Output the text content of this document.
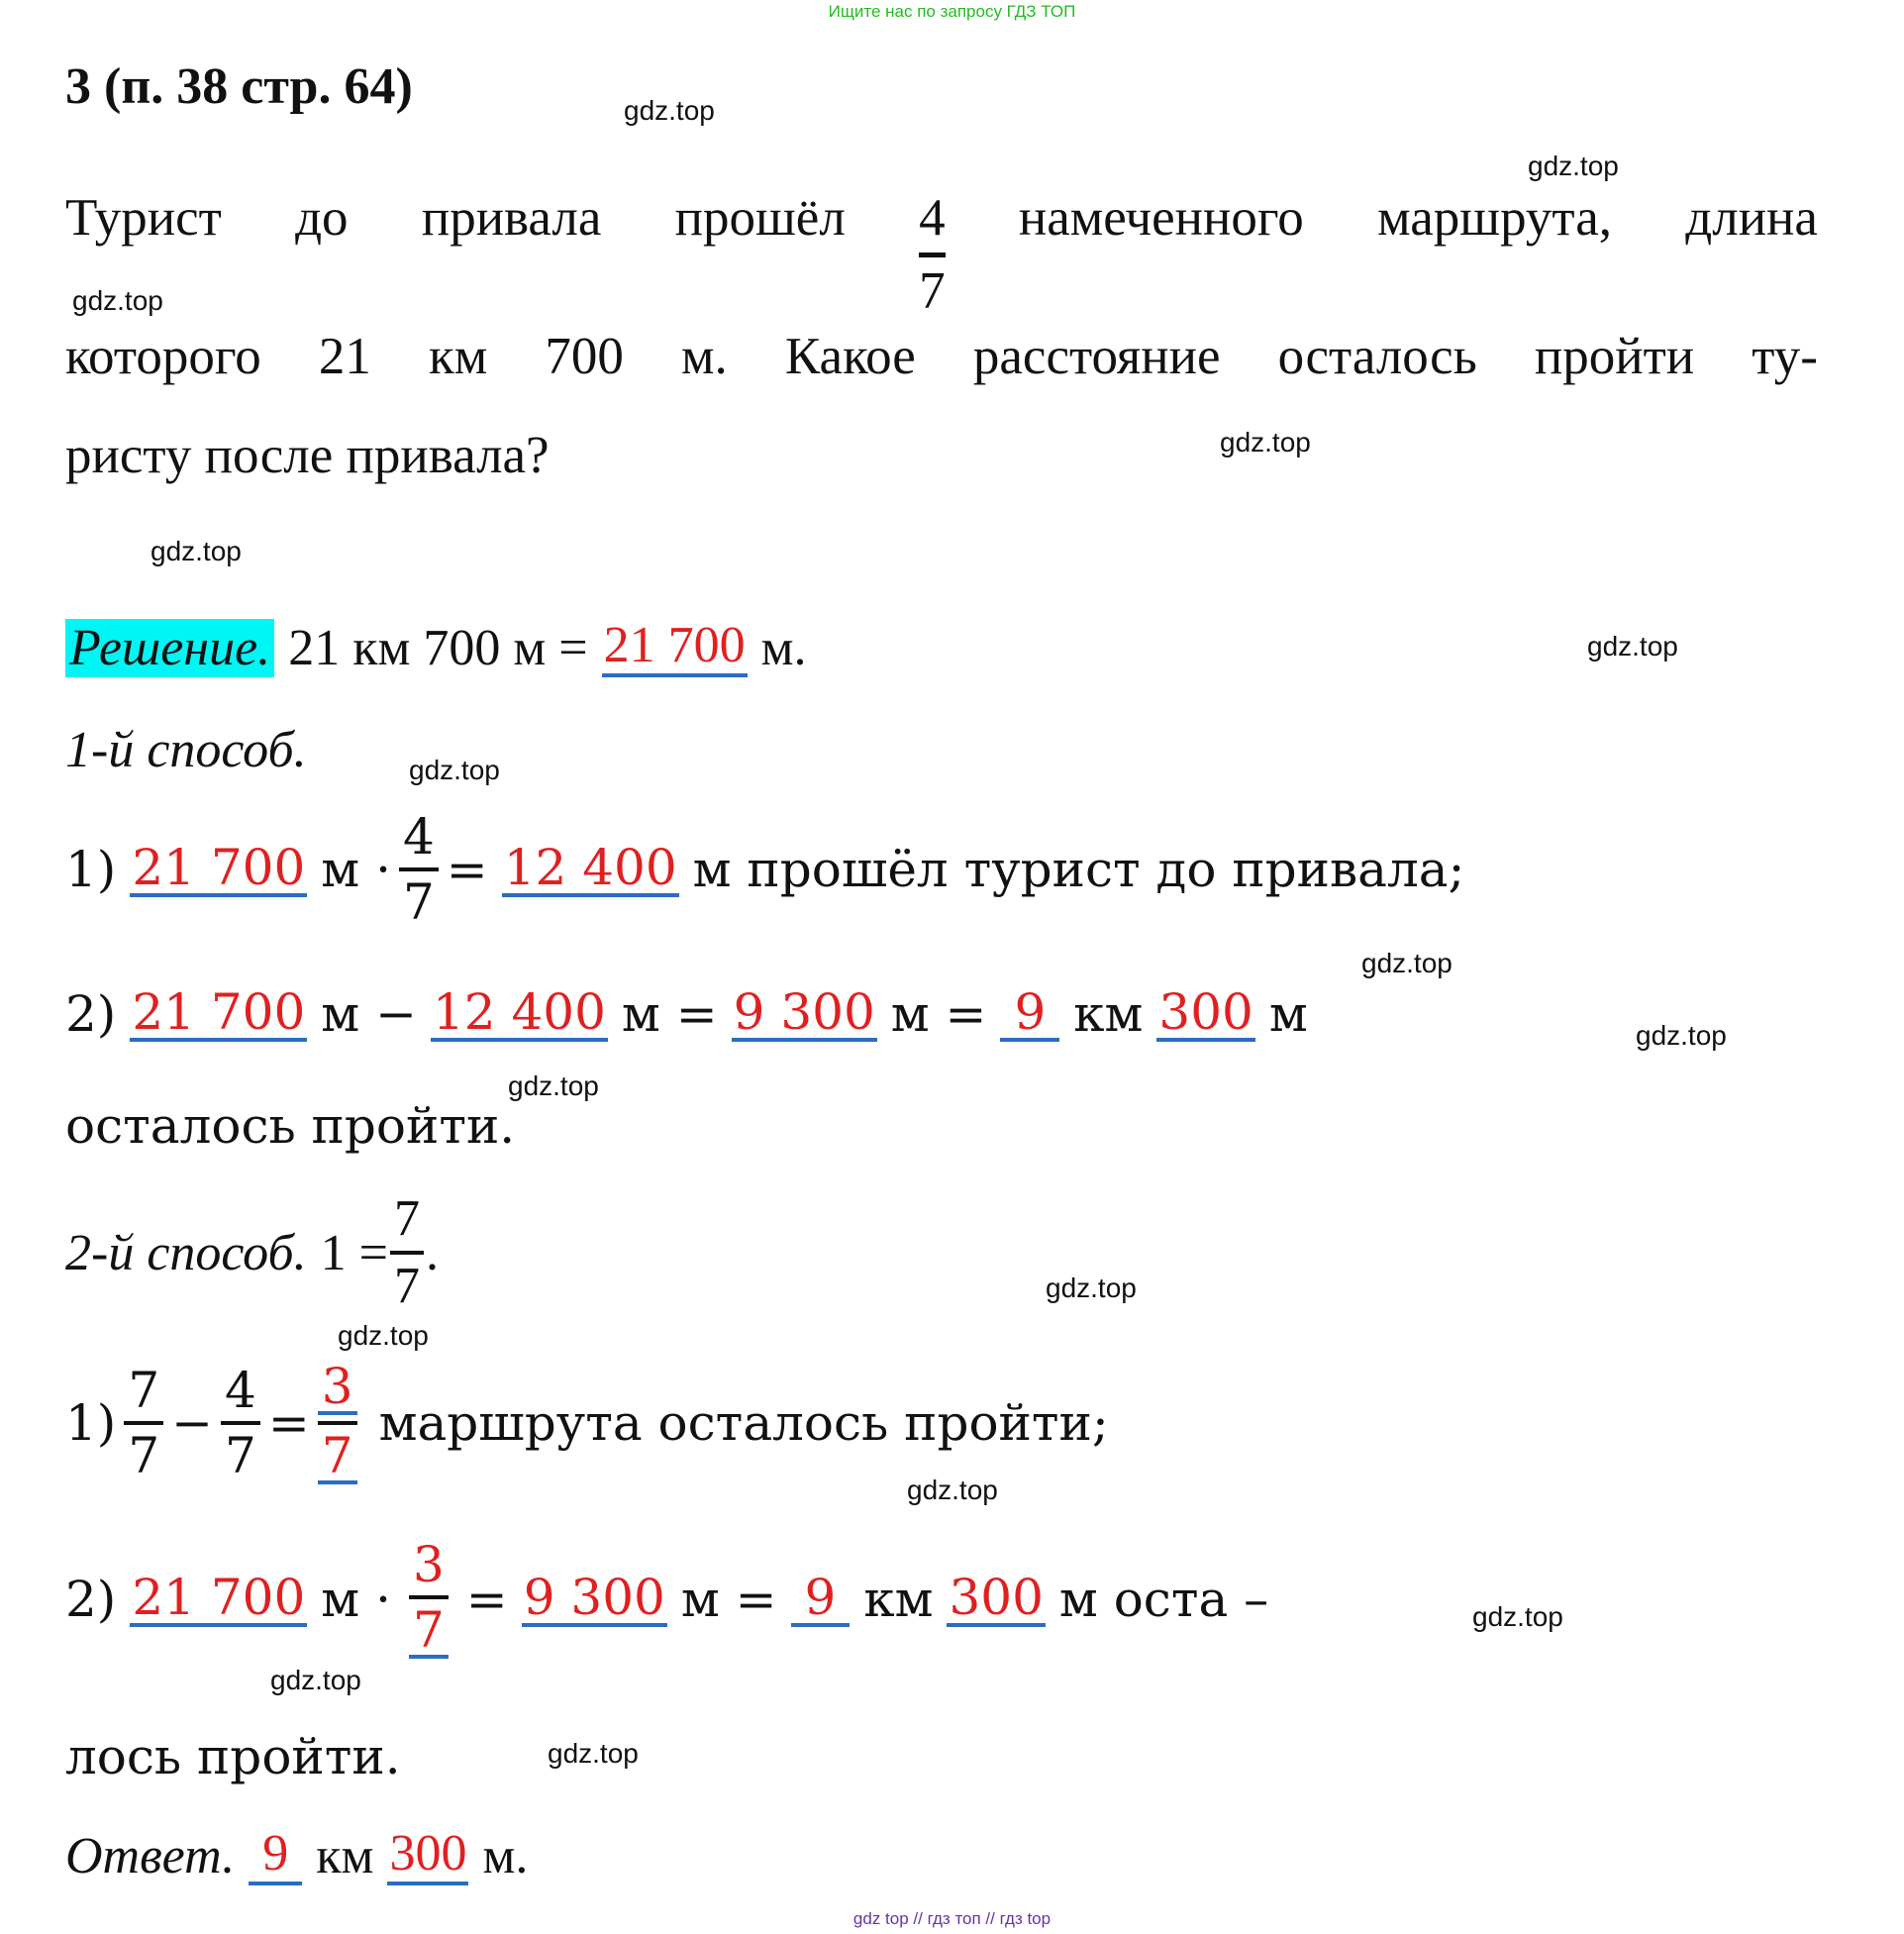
Ищите нас по запросу ГДЗ ТОП
3 (п. 38 стр. 64)	gdz.top
gdz.top
gdz.top
gdz.top
gdz.top
gdz.top
gdz.top
gdz.top
gdz.top
gdz.top
gdz.top
gdz.top
gdz.top
gdz.top
gdz.top
gdz.top
Турист до привала прошёл 4
7
намеченного маршрута, длина
которого 21 км 700 м. Какое расстояние осталось пройти ту-
ристу после привала?
Решение. 21 км 700 м = 21 700 м.
1-й способ.
1) 21 700 $м \cdot \frac{4}{7} = 12$ 400 м прошёл турист до привала;
2) 21 700 м − 12 400 м = 9 300 м = 9 км 300 м
осталось пройти.
2-й способ. $1 = \frac{7}{7}$ .
$1) \frac{7}{7} - \frac{4}{7} = \frac{3}{7}$ маршрута осталось пройти;
2) 21 700 $м \cdot \frac{3}{7} = 9$ 300 м = 9 км 300 м оста –
лось пройти.
Ответ. 9 км 300 м.
gdz top // гдз топ // гдз top
